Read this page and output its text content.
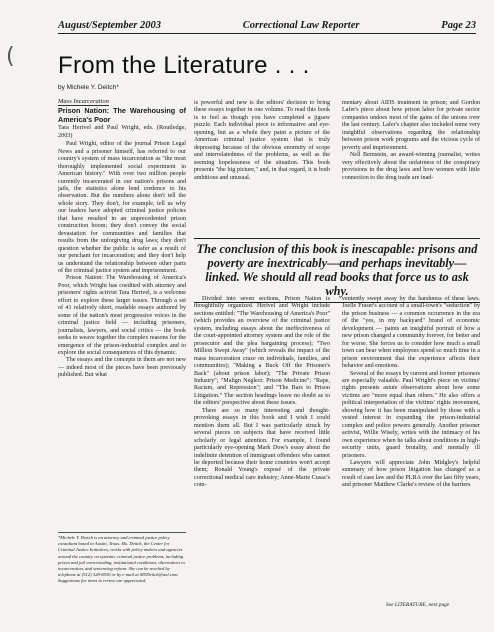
August/September 2003	Correctional Law Reporter	Page 23
( From the Literature . . .
by Michele Y. Deitch*
Mass Incarceration
Prison Nation: The Warehousing of America's Poor
Tara Herivel and Paul Wright, eds. (Routledge, 2003)

Paul Wright, editor of the journal Prison Legal News and a prisoner himself, has referred to our country's system of mass incarceration as "the most thoroughly implemented social experiment in American history." With over two million people currently incarcerated in our nation's prisons and jails, the statistics alone lend credence to his observation. But the numbers alone don't tell the whole story. They don't, for example, tell us why our leaders have adopted criminal justice policies that have resulted in an unprecedented prison construction boom; they don't convey the social devastation for communities and families that results from the unforgiving drug laws; they don't question whether the public is safer as a result of our penchant for incarceration; and they don't help us understand the relationship between other parts of the criminal justice system and imprisonment.

Prison Nation: The Warehousing of America's Poor, which Wright has coedited with attorney and prisoners' rights activist Tara Herivel, is a welcome effort to explore these larger issues. Through a set of 41 relatively short, readable essays authored by some of the nation's most progressive voices in the criminal justice field — including prisoners, journalists, lawyers, and social critics — the book seeks to weave together the complex reasons for the emergence of the prison-industrial complex and to explore the social consequences of this dynamic.

The essays and the concepts in them are not new — indeed most of the pieces have been previously published. But what

*Michele Y. Deitch is an attorney and criminal justice policy consultant based in Austin, Texas. Ms. Deitch, the Center for Criminal Justice Initiatives, works with policy makers and agencies around the country on systemic criminal justice problems, including prison and jail overcrowding, institutional conditions, alternatives to incarceration, and sentencing reform. She can be reached by telephone at (512) 328-8530 or by e-mail at MYDeitch@aol.com. Suggestions for items to review are appreciated.

is powerful and new is the editors' decision to bring these essays together in one volume. To read this book is to feel as though you have completed a jigsaw puzzle. Each individual piece is informative and eye-opening, but as a whole they paint a picture of the American criminal justice system that is truly depressing because of the obvious enormity of scope and interrelatedness of the problems, as well as the seeming hopelessness of the situation. This book presents "the big picture," and, in that regard, it is both ambitious and unusual.

mentary about AIDS treatment in prison; and Gordon Lafer's piece about how prison labor for private sector companies undoes most of the gains of the unions over the last century. Lafer's chapter also included some very insightful observations regarding the relationship between prison work programs and the vicious cycle of poverty and imprisonment.

Nell Bernstein, an award-winning journalist, writes very effectively about the unfairness of the conspiracy provisions in the drug laws and how women with little connection to the drug trade are inad-

The conclusion of this book is inescapable: prisons and poverty are inextricably—and perhaps inevitably—linked. We should all read books that force us to ask why.

Divided into seven sections, Prison Nation is thoughtfully organized. Herivel and Wright include sections entitled: "The Warehousing of America's Poor" (which provides an overview of the criminal justice system, including essays about the ineffectiveness of the court-appointed attorney system and the role of the prosecutor and the plea bargaining process); "Two Million Swept Away" (which reveals the impact of the mass incarceration craze on individuals, families, and communities); "Making a Buck Off the Prisoner's Back" (about prison labor); "The Private Prison Industry"; "Malign Neglect: Prison Medicine"; "Rape, Racism, and Repression"; and "The Bars to Prison Litigation." The section headings leave no doubt as to the editors' perspective about these issues.

There are so many interesting and thought-provoking essays in this book and I wish I could mention them all. But I was particularly struck by several pieces on subjects that have received little scholarly or legal attention. For example, I found particularly eye-opening Mark Dow's essay about the indefinite detention of immigrant offenders who cannot be deported because their home countries won't accept them; Ronald Young's exposé of the private correctional medical care industry; Anne-Marie Cusac's com-

ventently swept away by the harshness of these laws. Joelle Fraser's account of a small-town's "seduction" by the prison business — a common occurrence in the era of the "yes, in my backyard" brand of economic development — paints an insightful portrait of how a new prison changed a community forever, for better and for worse. She forces us to consider how much a small town can bear when employees spend so much time in a prison environment that the experience affects their behavior and emotions.

Several of the essays by current and former prisoners are especially valuable. Paul Wright's piece on victims' rights presents astute observations about how some victims are "more equal than others." He also offers a political interpretation of the victims' rights movement, showing how it has been manipulated by those with a vested interest in expanding the prison-industrial complex and police powers generally. Another prisoner activist, Willie Wisely, writes with the intimacy of his own experience when he talks about conditions in high-security units, guard brutality, and mentally ill prisoners.

Lawyers will appreciate John Midgley's helpful summary of how prison litigation has changed as a result of case law and the PLRA over the last fifty years, and prisoner Matthew Clarke's review of the barriers

See LITERATURE, next page
